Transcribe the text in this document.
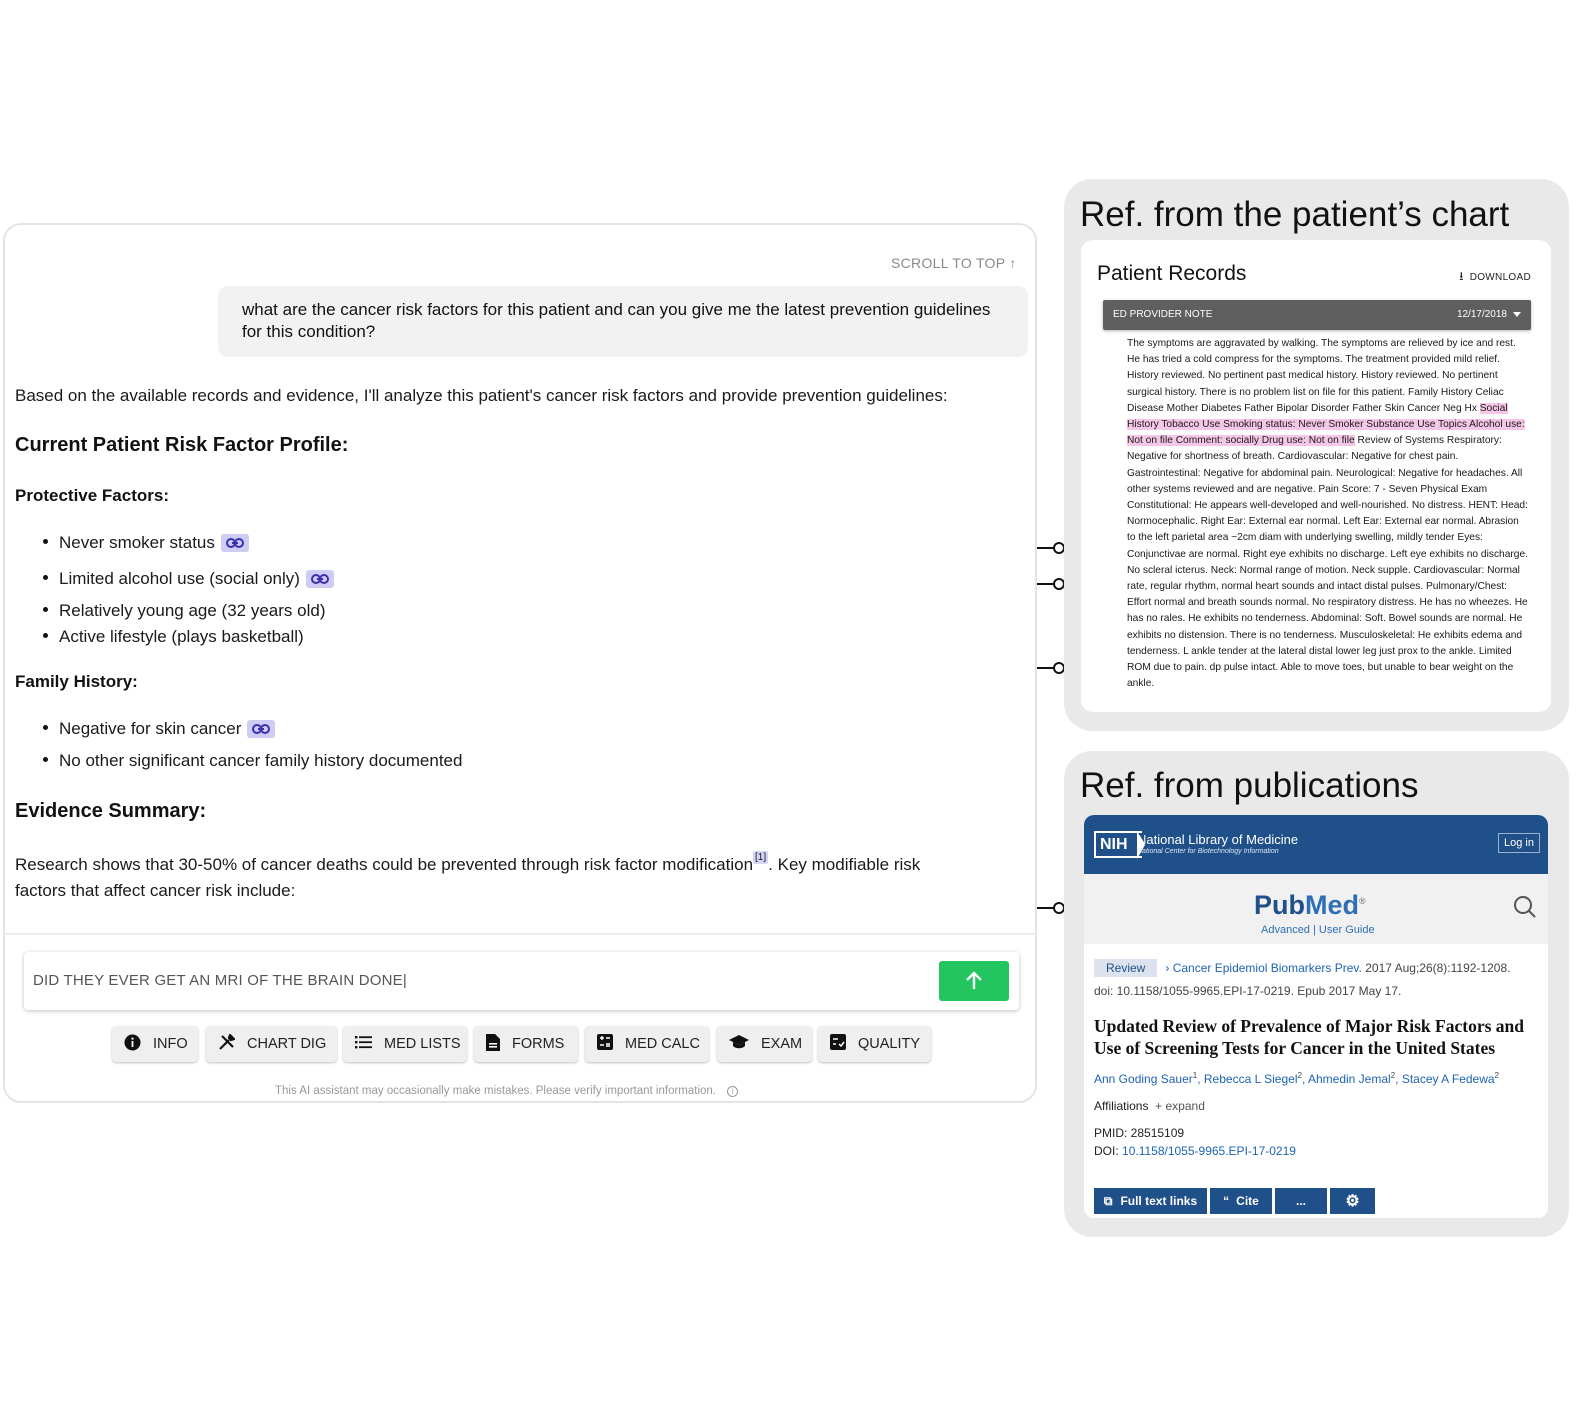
SCROLL TO TOP ↑
what are the cancer risk factors for this patient and can you give me the latest prevention guidelines for this condition?
Based on the available records and evidence, I'll analyze this patient's cancer risk factors and provide prevention guidelines:
Current Patient Risk Factor Profile:
Protective Factors:
Never smoker status
Limited alcohol use (social only)
Relatively young age (32 years old)
Active lifestyle (plays basketball)
Family History:
Negative for skin cancer
No other significant cancer family history documented
Evidence Summary:
Research shows that 30-50% of cancer deaths could be prevented through risk factor modification [1] . Key modifiable risk
factors that affect cancer risk include:
DID THEY EVER GET AN MRI OF THE BRAIN DONE|
INFO	CHART DIG	MED LISTS	FORMS	MED CALC	EXAM	QUALITY
This AI assistant may occasionally make mistakes. Please verify important information. i
Ref. from the patient’s chart
Patient Records	⭳ DOWNLOAD
ED PROVIDER NOTE	12/17/2018
The symptoms are aggravated by walking. The symptoms are relieved by ice and rest. He has tried a cold compress for the symptoms. The treatment provided mild relief. History reviewed. No pertinent past medical history. History reviewed. No pertinent surgical history. There is no problem list on file for this patient. Family History Celiac Disease Mother Diabetes Father Bipolar Disorder Father Skin Cancer Neg Hx Social History Tobacco Use Smoking status: Never Smoker Substance Use Topics Alcohol use: Not on file Comment: socially Drug use: Not on file Review of Systems Respiratory: Negative for shortness of breath. Cardiovascular: Negative for chest pain. Gastrointestinal: Negative for abdominal pain. Neurological: Negative for headaches. All other systems reviewed and are negative. Pain Score: 7 - Seven Physical Exam Constitutional: He appears well-developed and well-nourished. No distress. HENT: Head: Normocephalic. Right Ear: External ear normal. Left Ear: External ear normal. Abrasion to the left parietal area ~2cm diam with underlying swelling, mildly tender Eyes: Conjunctivae are normal. Right eye exhibits no discharge. Left eye exhibits no discharge. No scleral icterus. Neck: Normal range of motion. Neck supple. Cardiovascular: Normal rate, regular rhythm, normal heart sounds and intact distal pulses. Pulmonary/Chest: Effort normal and breath sounds normal. No respiratory distress. He has no wheezes. He has no rales. He exhibits no tenderness. Abdominal: Soft. Bowel sounds are normal. He exhibits no distension. There is no tenderness. Musculoskeletal: He exhibits edema and tenderness. L ankle tender at the lateral distal lower leg just prox to the ankle. Limited ROM due to pain. dp pulse intact. Able to move toes, but unable to bear weight on the ankle.
Ref. from publications
NIH National Library of Medicine
National Center for Biotechnology Information
Log in
PubMed®
Advanced | User Guide
Review › Cancer Epidemiol Biomarkers Prev. 2017 Aug;26(8):1192-1208.
doi: 10.1158/1055-9965.EPI-17-0219. Epub 2017 May 17.
Updated Review of Prevalence of Major Risk Factors and Use of Screening Tests for Cancer in the United States
Ann Goding Sauer$^1$, Rebecca L Siegel$^2$, Ahmedin Jemal$^2$, Stacey A Fedewa$^2$
Affiliations + expand
PMID: 28515109
DOI: 10.1158/1055-9965.EPI-17-0219
⧉ Full text links “ Cite	...	⚙
